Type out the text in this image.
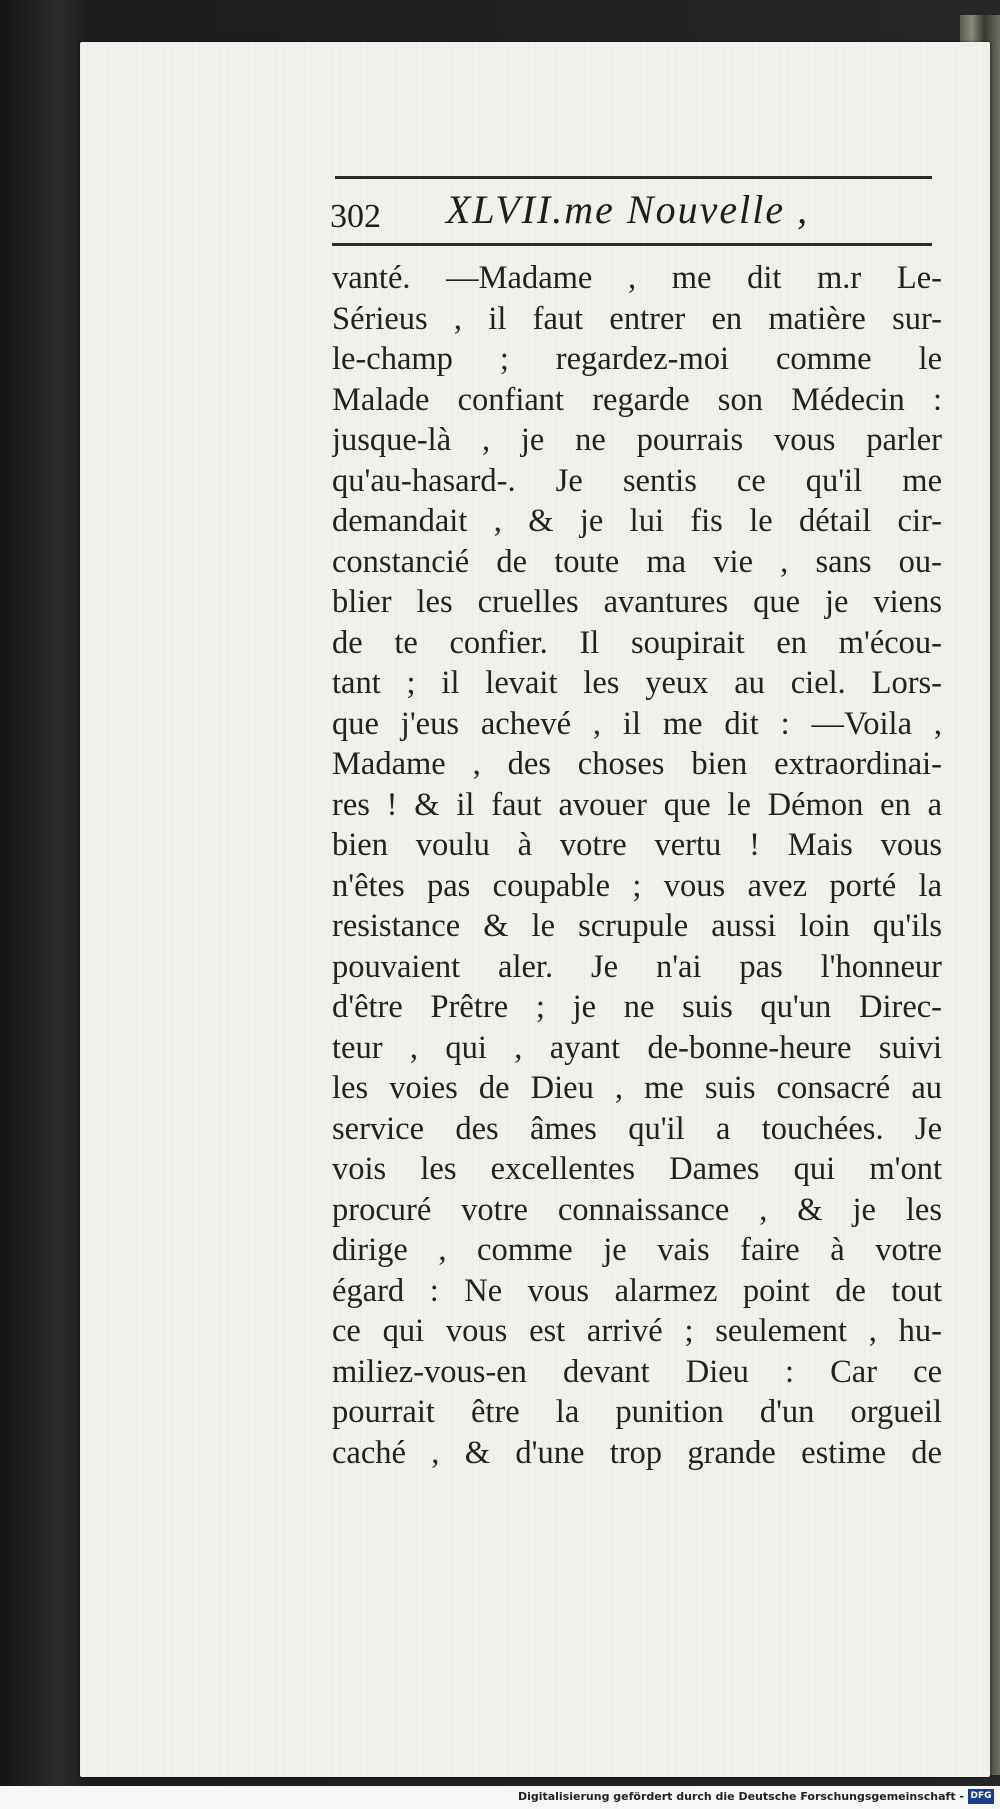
302 XLVII.me Nouvelle ,
vanté. —Madame , me dit m.r Le-
Sérieus , il faut entrer en matière sur-
le-champ ; regardez-moi comme le
Malade confiant regarde son Médecin :
jusque-là , je ne pourrais vous parler
qu'au-hasard-. Je sentis ce qu'il me
demandait , & je lui fis le détail cir-
constancié de toute ma vie , sans ou-
blier les cruelles avantures que je viens
de te confier. Il soupirait en m'écou-
tant ; il levait les yeux au ciel. Lors-
que j'eus achevé , il me dit : —Voila ,
Madame , des choses bien extraordinai-
res ! & il faut avouer que le Démon en a
bien voulu à votre vertu ! Mais vous
n'êtes pas coupable ; vous avez porté la
resistance & le scrupule aussi loin qu'ils
pouvaient aler. Je n'ai pas l'honneur
d'être Prêtre ; je ne suis qu'un Direc-
teur , qui , ayant de-bonne-heure suivi
les voies de Dieu , me suis consacré au
service des âmes qu'il a touchées. Je
vois les excellentes Dames qui m'ont
procuré votre connaissance , & je les
dirige , comme je vais faire à votre
égard : Ne vous alarmez point de tout
ce qui vous est arrivé ; seulement , hu-
miliez-vous-en devant Dieu : Car ce
pourrait être la punition d'un orgueil
caché , & d'une trop grande estime de
Digitalisierung gefördert durch die Deutsche Forschungsgemeinschaft - DFG
